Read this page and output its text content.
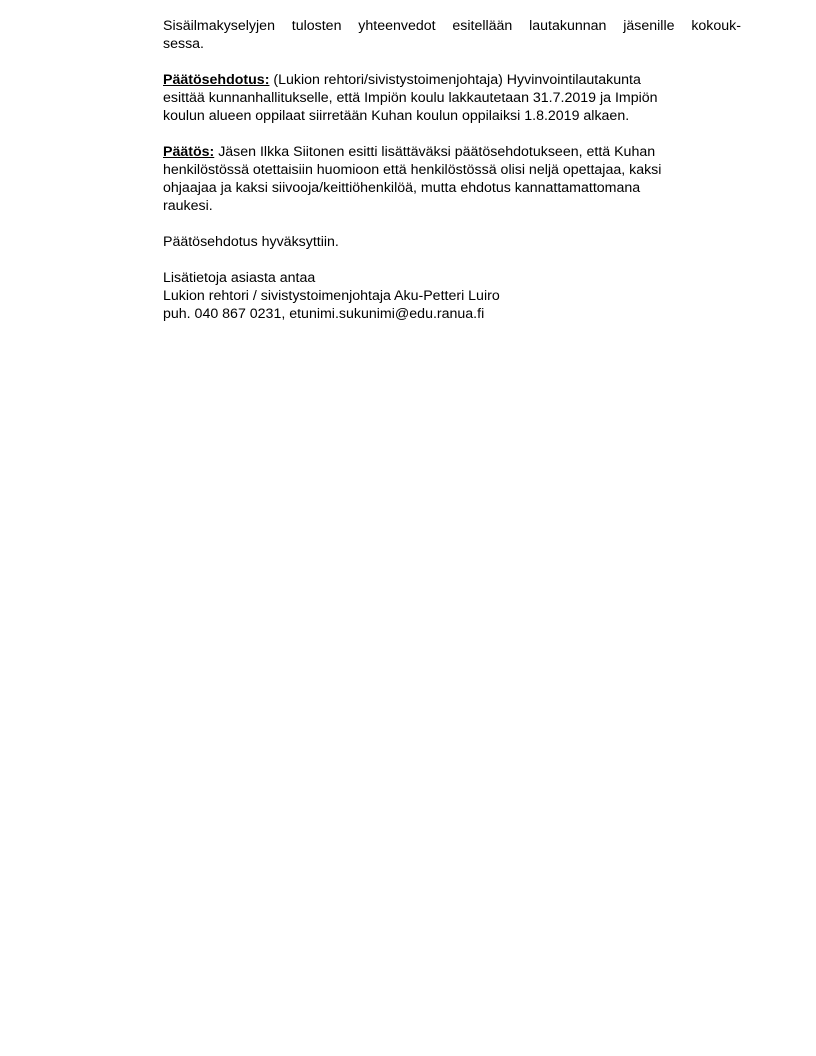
Sisäilmakyselyjen tulosten yhteenvedot esitellään lautakunnan jäsenille kokouk-
sessa.
Päätösehdotus: (Lukion rehtori/sivistystoimenjohtaja) Hyvinvointilautakunta
esittää kunnanhallitukselle, että Impiön koulu lakkautetaan 31.7.2019 ja Impiön
koulun alueen oppilaat siirretään Kuhan koulun oppilaiksi 1.8.2019 alkaen.
Päätös: Jäsen Ilkka Siitonen esitti lisättäväksi päätösehdotukseen, että Kuhan
henkilöstössä otettaisiin huomioon että henkilöstössä olisi neljä opettajaa, kaksi
ohjaajaa ja kaksi siivooja/keittiöhenkilöä, mutta ehdotus kannattamattomana
raukesi.
Päätösehdotus hyväksyttiin.
Lisätietoja asiasta antaa
Lukion rehtori / sivistystoimenjohtaja Aku-Petteri Luiro
puh. 040 867 0231, etunimi.sukunimi@edu.ranua.fi
